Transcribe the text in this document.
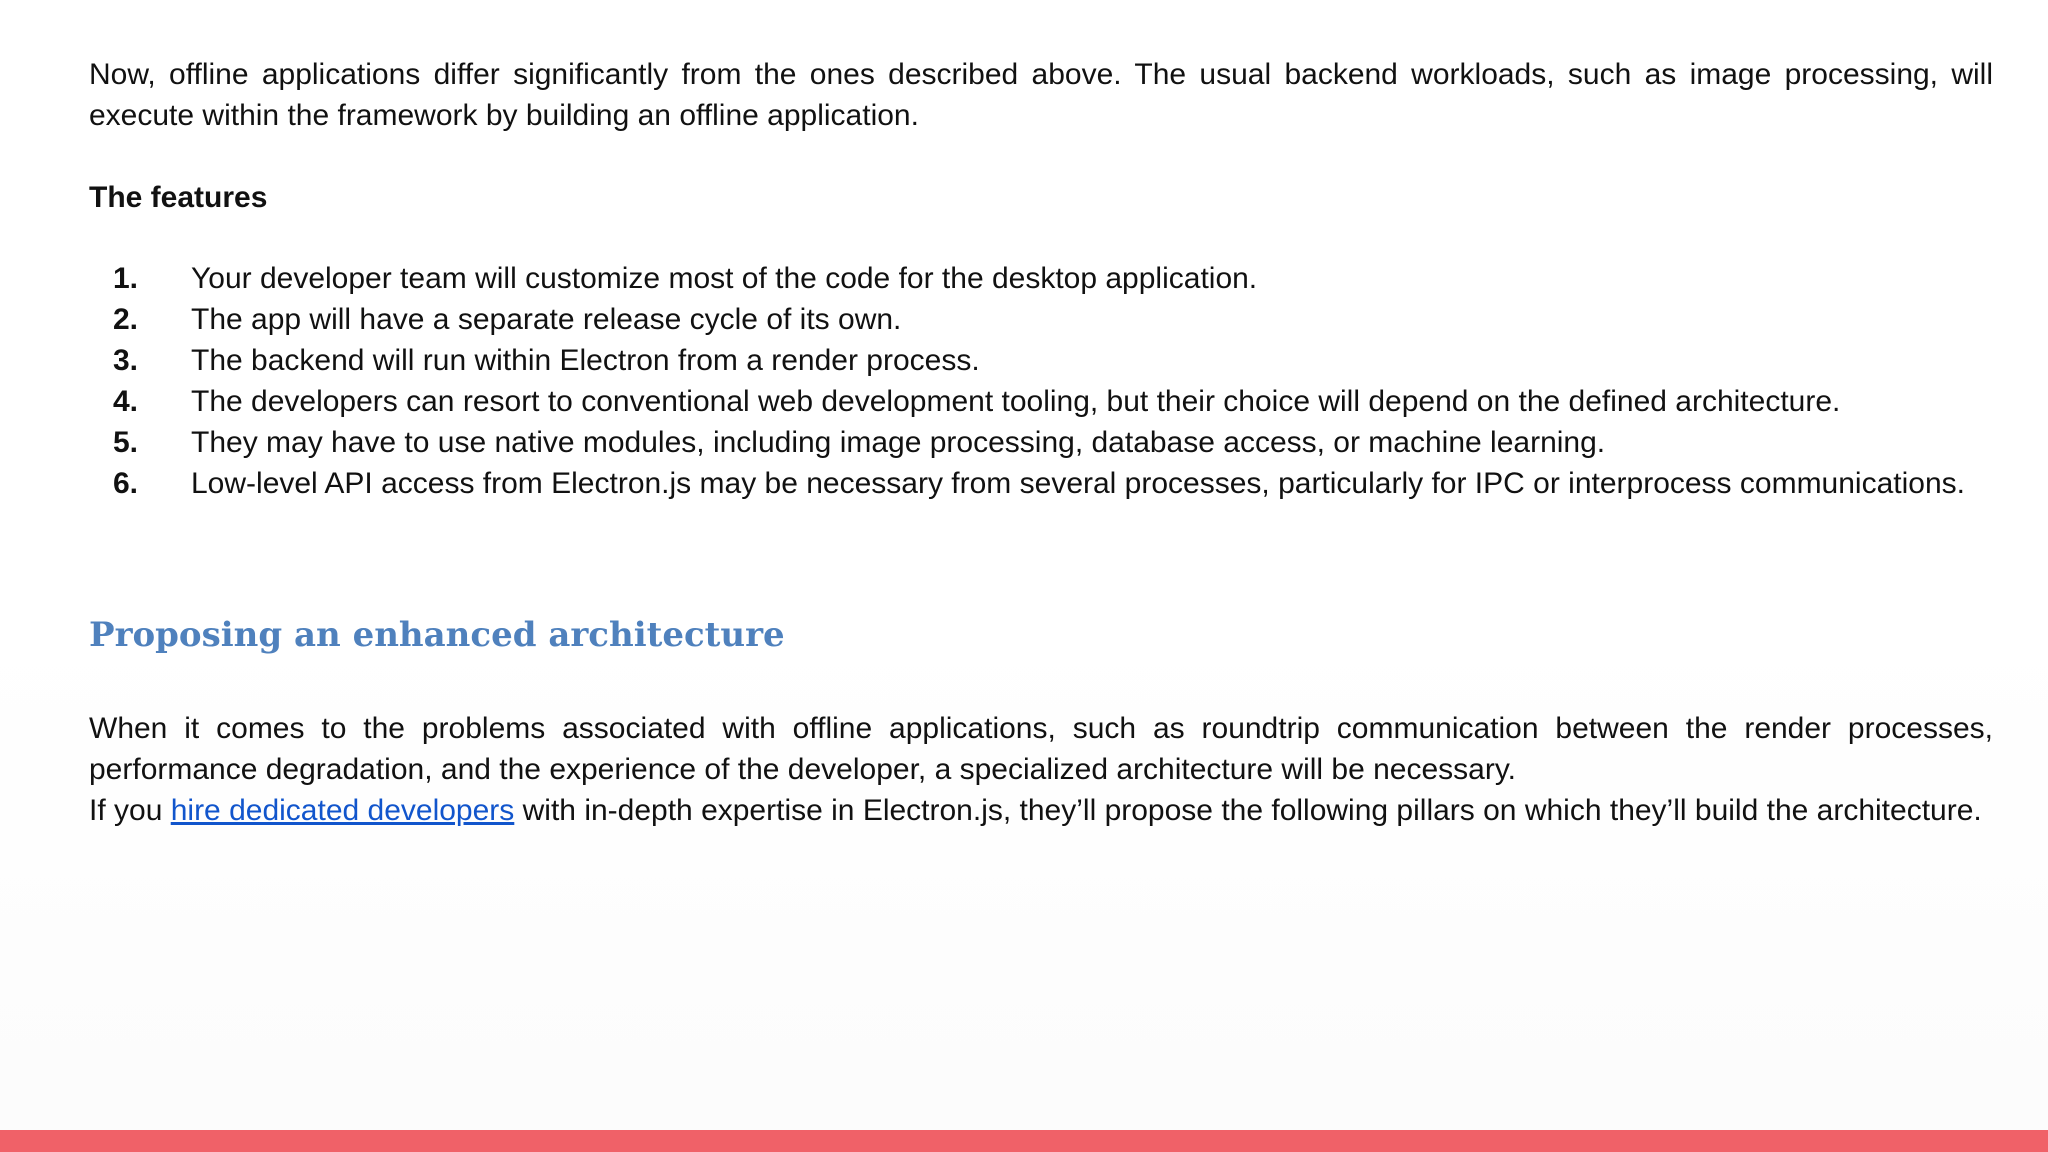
Now, offline applications differ significantly from the ones described above. The usual backend workloads, such as image processing, will execute within the framework by building an offline application.

The features

1. Your developer team will customize most of the code for the desktop application.
2. The app will have a separate release cycle of its own.
3. The backend will run within Electron from a render process.
4. The developers can resort to conventional web development tooling, but their choice will depend on the defined architecture.
5. They may have to use native modules, including image processing, database access, or machine learning.
6. Low-level API access from Electron.js may be necessary from several processes, particularly for IPC or interprocess communications.
Proposing an enhanced architecture

When it comes to the problems associated with offline applications, such as roundtrip communication between the render processes, performance degradation, and the experience of the developer, a specialized architecture will be necessary.

If you hire dedicated developers with in-depth expertise in Electron.js, they’ll propose the following pillars on which they’ll build the architecture.
